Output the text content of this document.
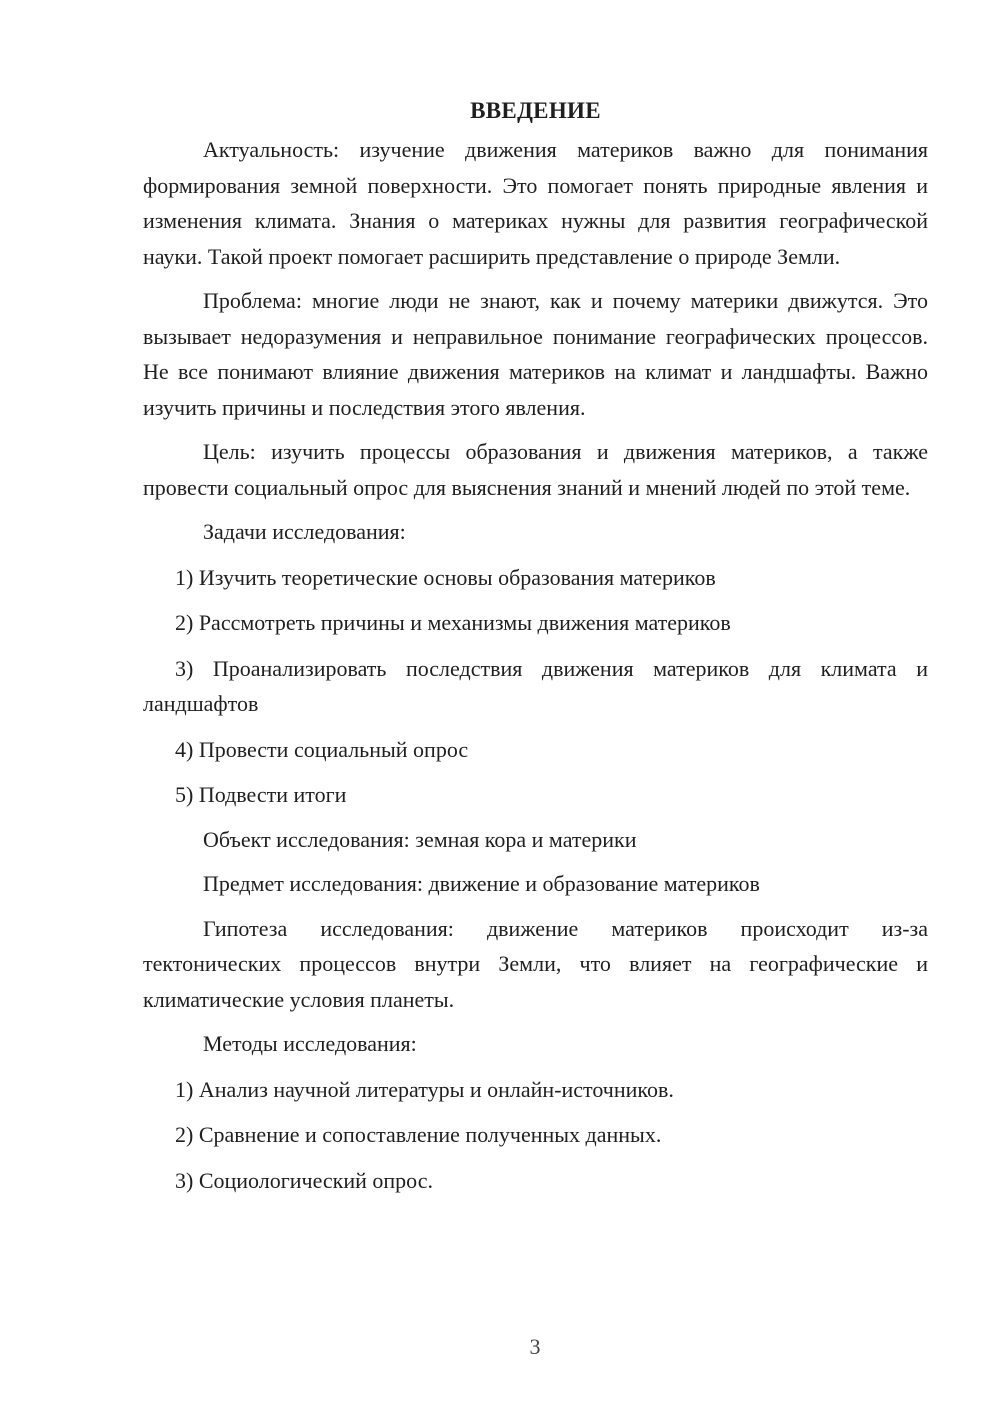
ВВЕДЕНИЕ

Актуальность: изучение движения материков важно для понимания формирования земной поверхности. Это помогает понять природные явления и изменения климата. Знания о материках нужны для развития географической науки. Такой проект помогает расширить представление о природе Земли.

Проблема: многие люди не знают, как и почему материки движутся. Это вызывает недоразумения и неправильное понимание географических процессов. Не все понимают влияние движения материков на климат и ландшафты. Важно изучить причины и последствия этого явления.

Цель: изучить процессы образования и движения материков, а также провести социальный опрос для выяснения знаний и мнений людей по этой теме.

Задачи исследования:

1) Изучить теоретические основы образования материков

2) Рассмотреть причины и механизмы движения материков

3) Проанализировать последствия движения материков для климата и ландшафтов

4) Провести социальный опрос

5) Подвести итоги

Объект исследования: земная кора и материки

Предмет исследования: движение и образование материков

Гипотеза исследования: движение материков происходит из-за тектонических процессов внутри Земли, что влияет на географические и климатические условия планеты.

Методы исследования:

1) Анализ научной литературы и онлайн-источников.

2) Сравнение и сопоставление полученных данных.

3) Социологический опрос.

3
